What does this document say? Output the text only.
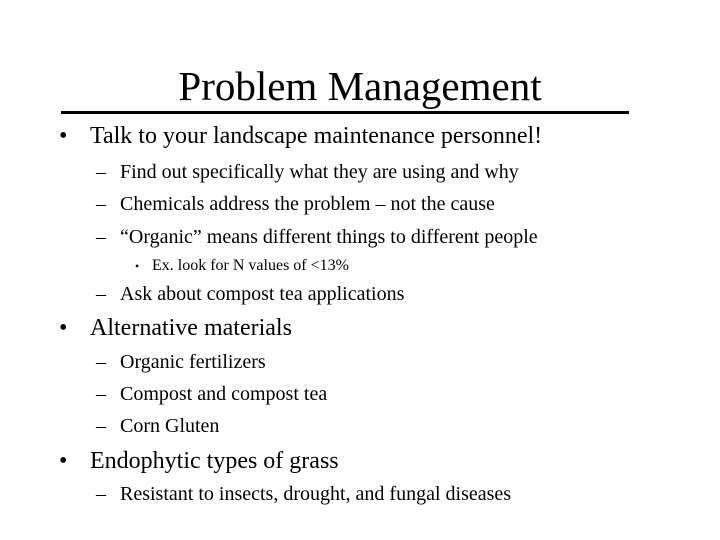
Problem Management
• Talk to your landscape maintenance personnel!
– Find out specifically what they are using and why
– Chemicals address the problem – not the cause
– “Organic” means different things to different people
• Ex. look for N values of <13%
– Ask about compost tea applications
• Alternative materials
– Organic fertilizers
– Compost and compost tea
– Corn Gluten
• Endophytic types of grass
– Resistant to insects, drought, and fungal diseases
